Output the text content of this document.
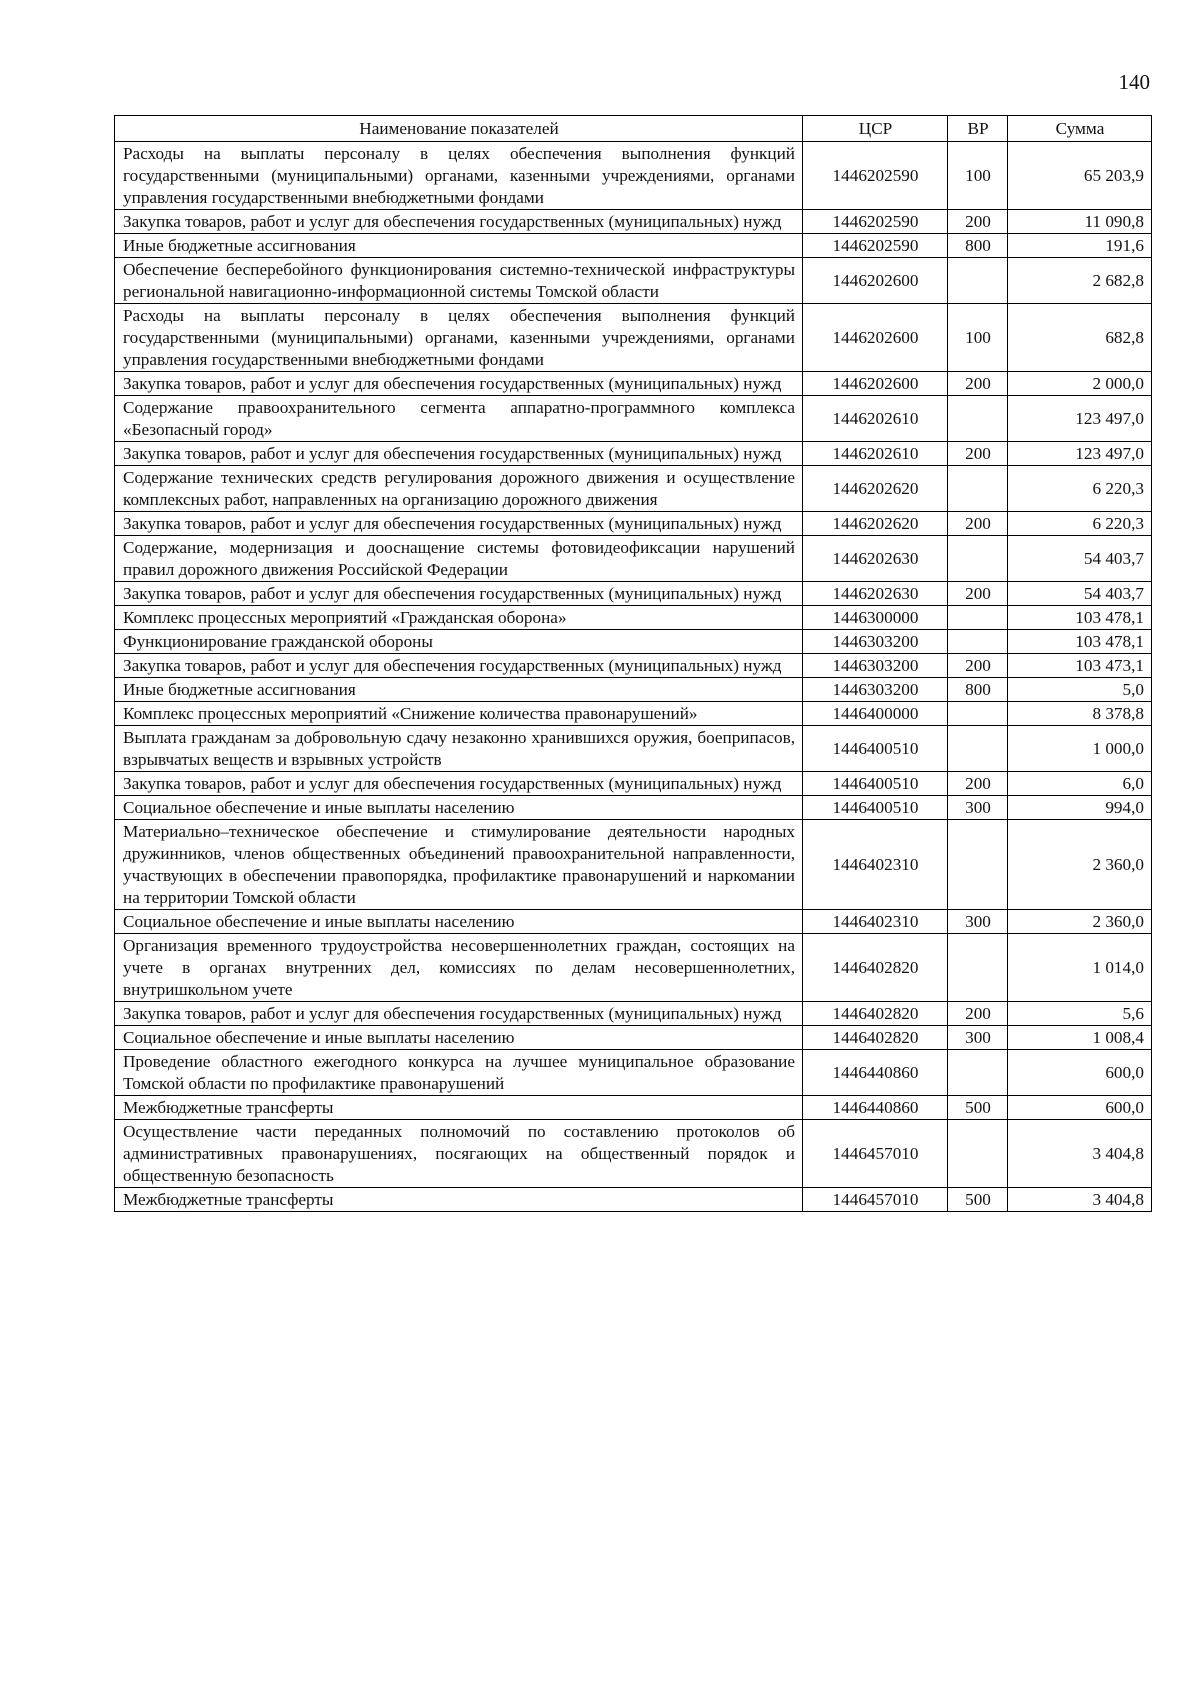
140
Наименование показателей	ЦСР	ВР	Сумма
Расходы на выплаты персоналу в целях обеспечения выполнения функций государственными (муниципальными) органами, казенными учреждениями, органами управления государственными внебюджетными фондами	1446202590	100	65 203,9
Закупка товаров, работ и услуг для обеспечения государственных (муниципальных) нужд	1446202590	200	11 090,8
Иные бюджетные ассигнования	1446202590	800	191,6
Обеспечение бесперебойного функционирования системно-технической инфраструктуры региональной навигационно-информационной системы Томской области	1446202600		2 682,8
Расходы на выплаты персоналу в целях обеспечения выполнения функций государственными (муниципальными) органами, казенными учреждениями, органами управления государственными внебюджетными фондами	1446202600	100	682,8
Закупка товаров, работ и услуг для обеспечения государственных (муниципальных) нужд	1446202600	200	2 000,0
Содержание правоохранительного сегмента аппаратно-программного комплекса «Безопасный город»	1446202610		123 497,0
Закупка товаров, работ и услуг для обеспечения государственных (муниципальных) нужд	1446202610	200	123 497,0
Содержание технических средств регулирования дорожного движения и осуществление комплексных работ, направленных на организацию дорожного движения	1446202620		6 220,3
Закупка товаров, работ и услуг для обеспечения государственных (муниципальных) нужд	1446202620	200	6 220,3
Содержание, модернизация и дооснащение системы фотовидеофиксации нарушений правил дорожного движения Российской Федерации	1446202630		54 403,7
Закупка товаров, работ и услуг для обеспечения государственных (муниципальных) нужд	1446202630	200	54 403,7
Комплекс процессных мероприятий «Гражданская оборона»	1446300000		103 478,1
Функционирование гражданской обороны	1446303200		103 478,1
Закупка товаров, работ и услуг для обеспечения государственных (муниципальных) нужд	1446303200	200	103 473,1
Иные бюджетные ассигнования	1446303200	800	5,0
Комплекс процессных мероприятий «Снижение количества правонарушений»	1446400000		8 378,8
Выплата гражданам за добровольную сдачу незаконно хранившихся оружия, боеприпасов, взрывчатых веществ и взрывных устройств	1446400510		1 000,0
Закупка товаров, работ и услуг для обеспечения государственных (муниципальных) нужд	1446400510	200	6,0
Социальное обеспечение и иные выплаты населению	1446400510	300	994,0
Материально–техническое обеспечение и стимулирование деятельности народных дружинников, членов общественных объединений правоохранительной направленности, участвующих в обеспечении правопорядка, профилактике правонарушений и наркомании на территории Томской области	1446402310		2 360,0
Социальное обеспечение и иные выплаты населению	1446402310	300	2 360,0
Организация временного трудоустройства несовершеннолетних граждан, состоящих на учете в органах внутренних дел, комиссиях по делам несовершеннолетних, внутришкольном учете	1446402820		1 014,0
Закупка товаров, работ и услуг для обеспечения государственных (муниципальных) нужд	1446402820	200	5,6
Социальное обеспечение и иные выплаты населению	1446402820	300	1 008,4
Проведение областного ежегодного конкурса на лучшее муниципальное образование Томской области по профилактике правонарушений	1446440860		600,0
Межбюджетные трансферты	1446440860	500	600,0
Осуществление части переданных полномочий по составлению протоколов об административных правонарушениях, посягающих на общественный порядок и общественную безопасность	1446457010		3 404,8
Межбюджетные трансферты	1446457010	500	3 404,8
